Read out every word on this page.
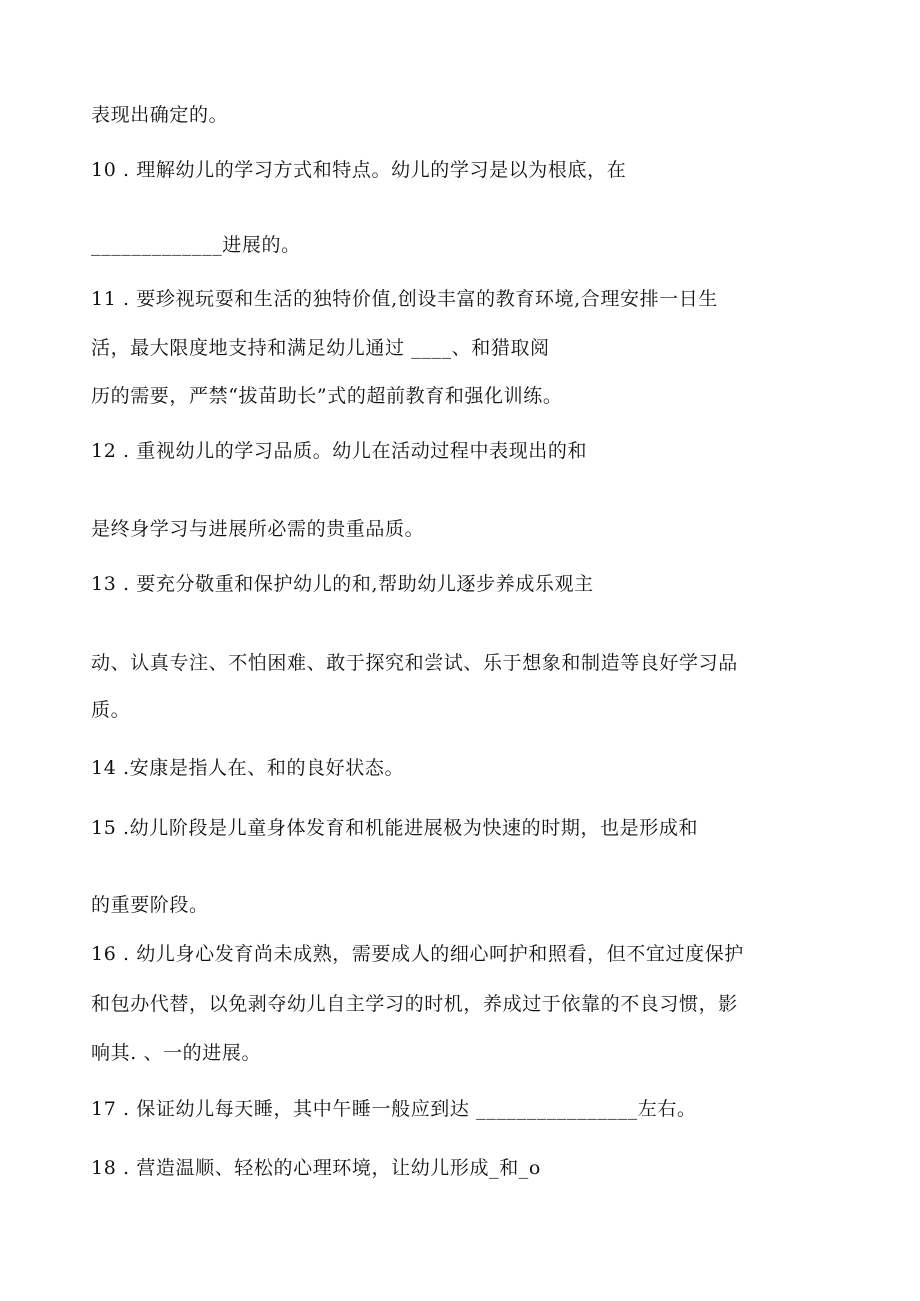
表现出确定的。
10 . 理解幼儿的学习方式和特点。幼儿的学习是以为根底，在
_____________进展的。
11 . 要珍视玩耍和生活的独特价值,创设丰富的教育环境,合理安排一日生
活，最大限度地支持和满足幼儿通过 ____、和猎取阅
历的需要，严禁“拔苗助长”式的超前教育和强化训练。
12 . 重视幼儿的学习品质。幼儿在活动过程中表现出的和
是终身学习与进展所必需的贵重品质。
13 . 要充分敬重和保护幼儿的和,帮助幼儿逐步养成乐观主
动、认真专注、不怕困难、敢于探究和尝试、乐于想象和制造等良好学习品
质。
14 .安康是指人在、和的良好状态。
15 .幼儿阶段是儿童身体发育和机能进展极为快速的时期，也是形成和
的重要阶段。
16 . 幼儿身心发育尚未成熟，需要成人的细心呵护和照看，但不宜过度保护
和包办代替，以免剥夺幼儿自主学习的时机，养成过于依靠的不良习惯，影
响其. 、一的进展。
17 . 保证幼儿每天睡，其中午睡一般应到达 ________________左右。
18 . 营造温顺、轻松的心理环境，让幼儿形成_和_o
